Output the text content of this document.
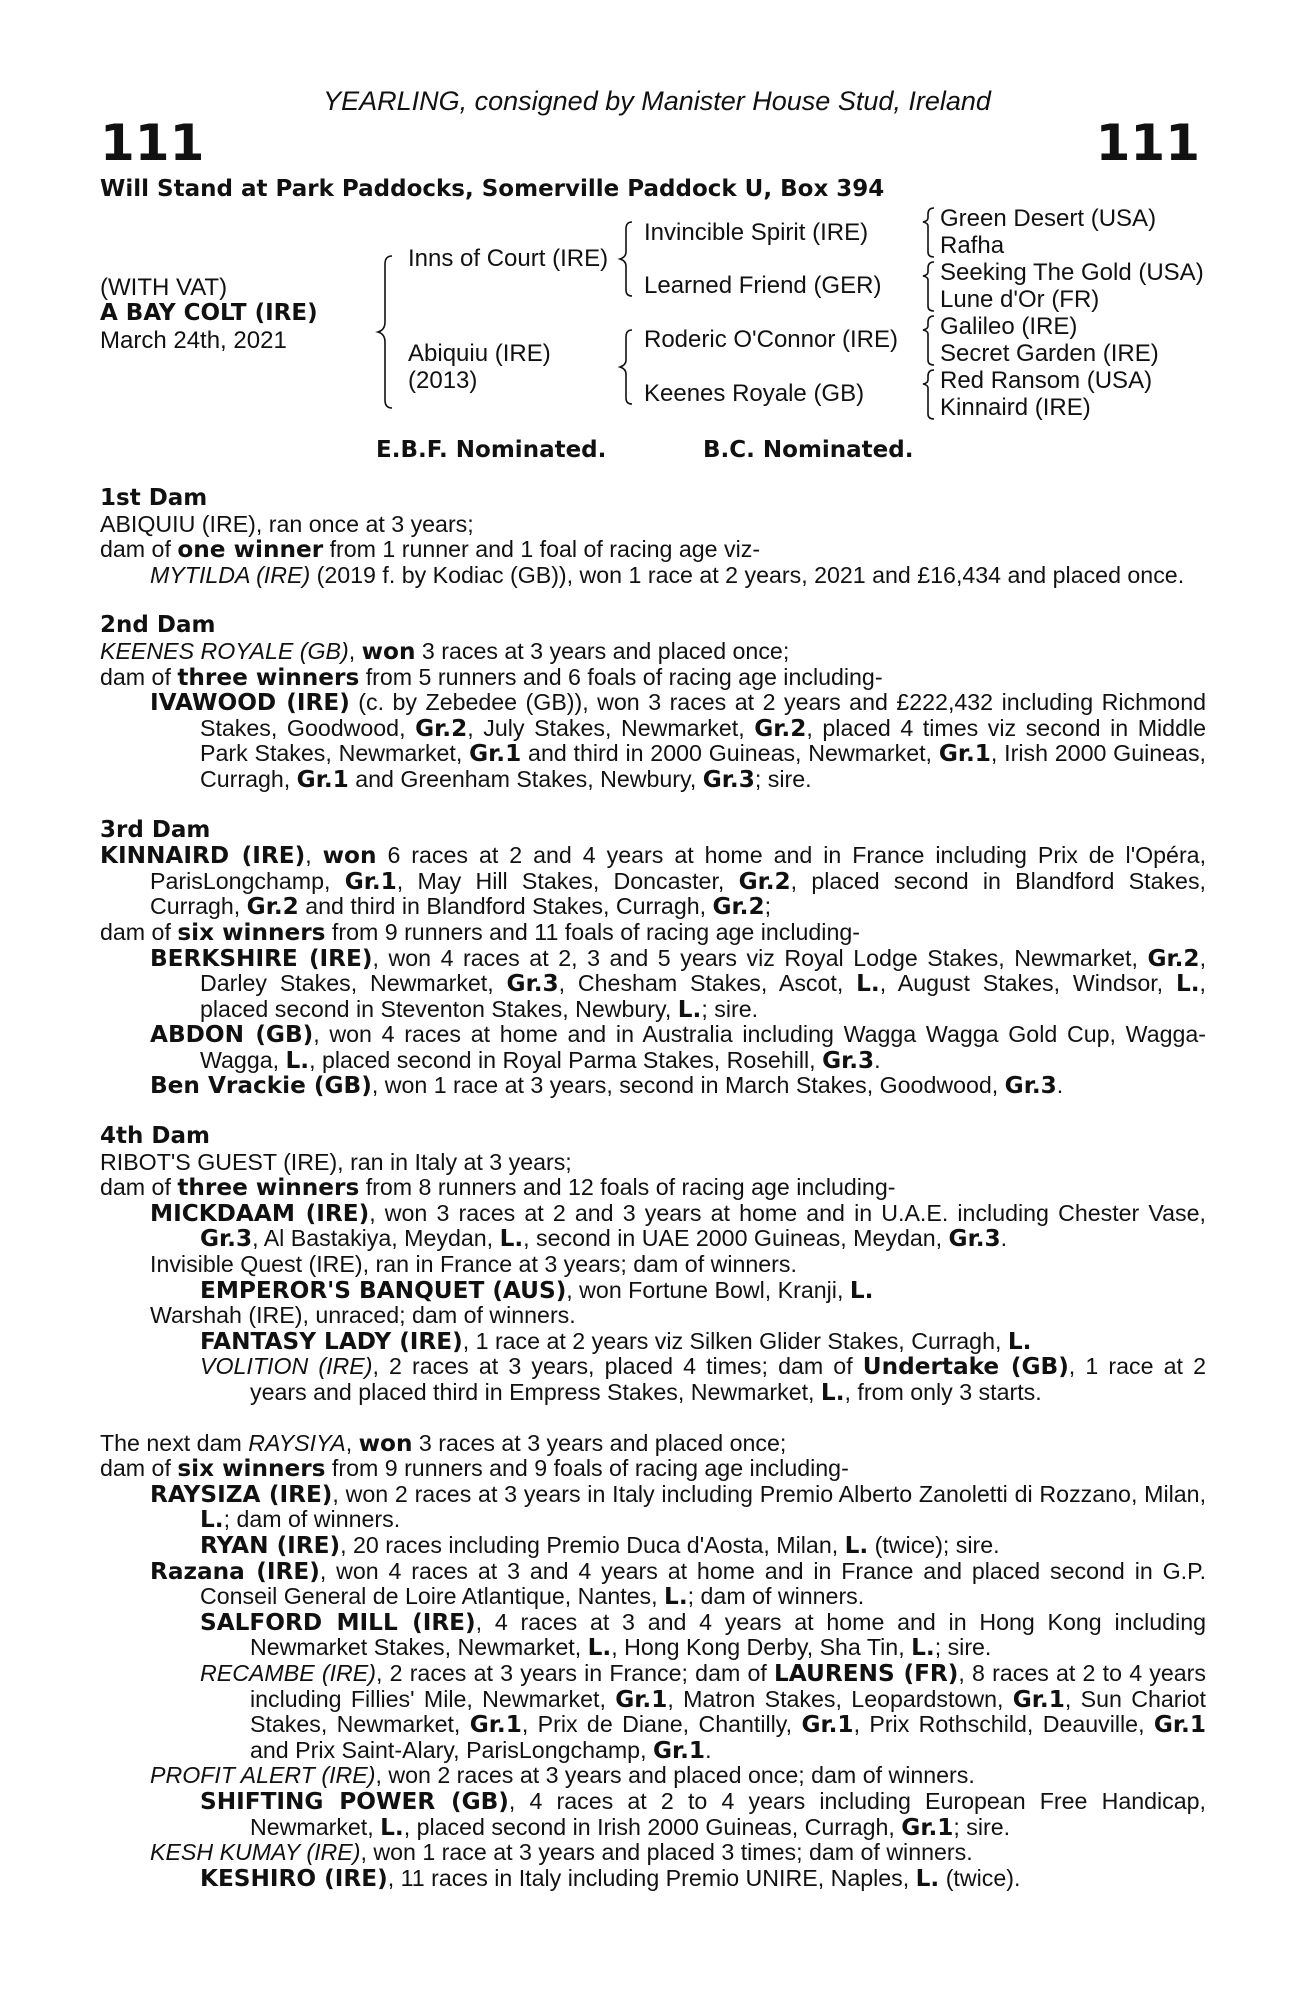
YEARLING, consigned by Manister House Stud, Ireland
111	111
Will Stand at Park Paddocks, Somerville Paddock U, Box 394
(WITH VAT)
A BAY COLT (IRE)
March 24th, 2021
Inns of Court (IRE)
Abiquiu (IRE)
(2013)
Invincible Spirit (IRE)
Learned Friend (GER)
Roderic O'Connor (IRE)
Keenes Royale (GB)
Green Desert (USA)
Rafha
Seeking The Gold (USA)
Lune d'Or (FR)
Galileo (IRE)
Secret Garden (IRE)
Red Ransom (USA)
Kinnaird (IRE)
E.B.F. Nominated.	B.C. Nominated.
1st Dam

ABIQUIU (IRE), ran once at 3 years;

dam of one winner from 1 runner and 1 foal of racing age viz-

MYTILDA (IRE) (2019 f. by Kodiac (GB)), won 1 race at 2 years, 2021 and £16,434 and placed once.

2nd Dam

KEENES ROYALE (GB), won 3 races at 3 years and placed once;

dam of three winners from 5 runners and 6 foals of racing age including-

IVAWOOD (IRE) (c. by Zebedee (GB)), won 3 races at 2 years and £222,432 including Richmond Stakes, Goodwood, Gr.2, July Stakes, Newmarket, Gr.2, placed 4 times viz second in Middle Park Stakes, Newmarket, Gr.1 and third in 2000 Guineas, Newmarket, Gr.1, Irish 2000 Guineas, Curragh, Gr.1 and Greenham Stakes, Newbury, Gr.3; sire.

3rd Dam

KINNAIRD (IRE), won 6 races at 2 and 4 years at home and in France including Prix de l'Opéra, ParisLongchamp, Gr.1, May Hill Stakes, Doncaster, Gr.2, placed second in Blandford Stakes, Curragh, Gr.2 and third in Blandford Stakes, Curragh, Gr.2;

dam of six winners from 9 runners and 11 foals of racing age including-

BERKSHIRE (IRE), won 4 races at 2, 3 and 5 years viz Royal Lodge Stakes, Newmarket, Gr.2, Darley Stakes, Newmarket, Gr.3, Chesham Stakes, Ascot, L., August Stakes, Windsor, L., placed second in Steventon Stakes, Newbury, L.; sire.

ABDON (GB), won 4 races at home and in Australia including Wagga Wagga Gold Cup, Wagga-Wagga, L., placed second in Royal Parma Stakes, Rosehill, Gr.3.

Ben Vrackie (GB), won 1 race at 3 years, second in March Stakes, Goodwood, Gr.3.

4th Dam

RIBOT'S GUEST (IRE), ran in Italy at 3 years;

dam of three winners from 8 runners and 12 foals of racing age including-

MICKDAAM (IRE), won 3 races at 2 and 3 years at home and in U.A.E. including Chester Vase, Gr.3, Al Bastakiya, Meydan, L., second in UAE 2000 Guineas, Meydan, Gr.3.

Invisible Quest (IRE), ran in France at 3 years; dam of winners.

EMPEROR'S BANQUET (AUS), won Fortune Bowl, Kranji, L.

Warshah (IRE), unraced; dam of winners.

FANTASY LADY (IRE), 1 race at 2 years viz Silken Glider Stakes, Curragh, L.

VOLITION (IRE), 2 races at 3 years, placed 4 times; dam of Undertake (GB), 1 race at 2 years and placed third in Empress Stakes, Newmarket, L., from only 3 starts.

The next dam RAYSIYA, won 3 races at 3 years and placed once;

dam of six winners from 9 runners and 9 foals of racing age including-

RAYSIZA (IRE), won 2 races at 3 years in Italy including Premio Alberto Zanoletti di Rozzano, Milan, L.; dam of winners.

RYAN (IRE), 20 races including Premio Duca d'Aosta, Milan, L. (twice); sire.

Razana (IRE), won 4 races at 3 and 4 years at home and in France and placed second in G.P. Conseil General de Loire Atlantique, Nantes, L.; dam of winners.

SALFORD MILL (IRE), 4 races at 3 and 4 years at home and in Hong Kong including Newmarket Stakes, Newmarket, L., Hong Kong Derby, Sha Tin, L.; sire.

RECAMBE (IRE), 2 races at 3 years in France; dam of LAURENS (FR), 8 races at 2 to 4 years including Fillies' Mile, Newmarket, Gr.1, Matron Stakes, Leopardstown, Gr.1, Sun Chariot Stakes, Newmarket, Gr.1, Prix de Diane, Chantilly, Gr.1, Prix Rothschild, Deauville, Gr.1 and Prix Saint-Alary, ParisLongchamp, Gr.1.

PROFIT ALERT (IRE), won 2 races at 3 years and placed once; dam of winners.

SHIFTING POWER (GB), 4 races at 2 to 4 years including European Free Handicap, Newmarket, L., placed second in Irish 2000 Guineas, Curragh, Gr.1; sire.

KESH KUMAY (IRE), won 1 race at 3 years and placed 3 times; dam of winners.

KESHIRO (IRE), 11 races in Italy including Premio UNIRE, Naples, L. (twice).
